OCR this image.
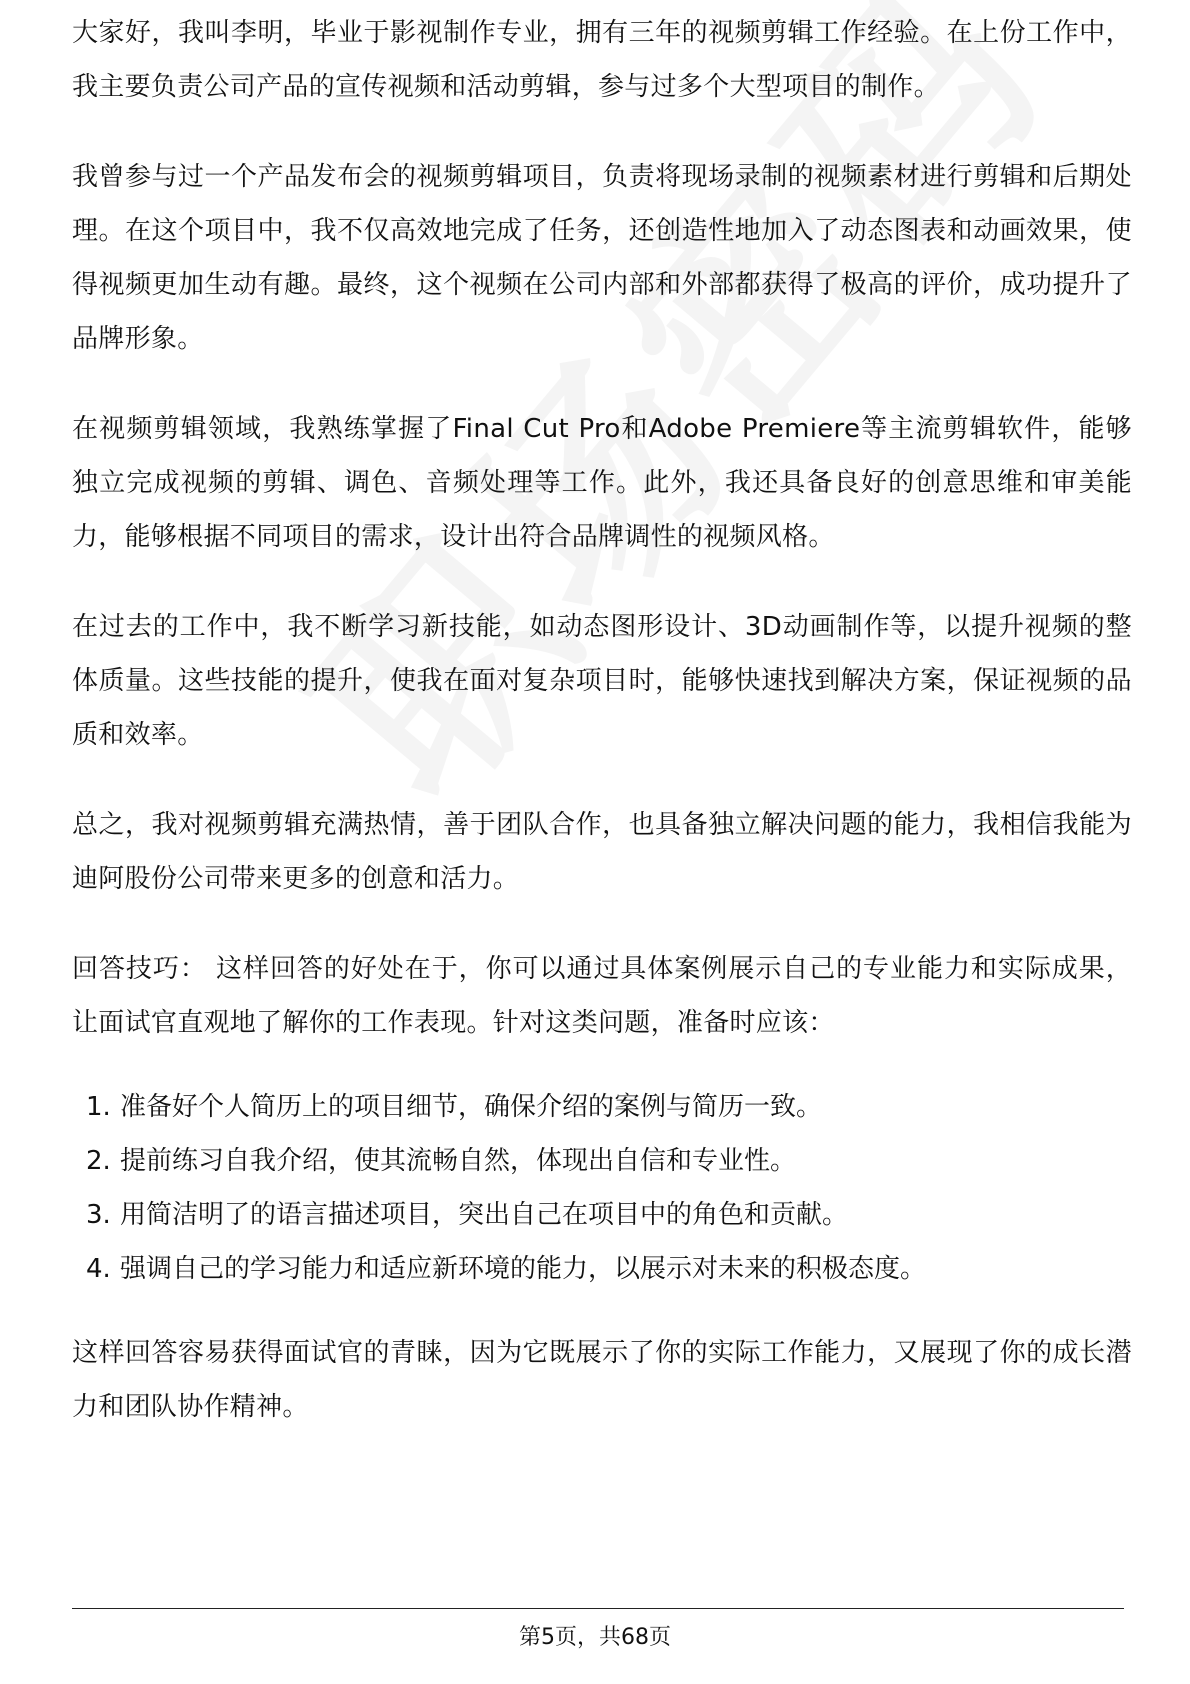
大家好，我叫李明，毕业于影视制作专业，拥有三年的视频剪辑工作经验。在上份工作中，我主要负责公司产品的宣传视频和活动剪辑，参与过多个大型项目的制作。

我曾参与过一个产品发布会的视频剪辑项目，负责将现场录制的视频素材进行剪辑和后期处理。在这个项目中，我不仅高效地完成了任务，还创造性地加入了动态图表和动画效果，使得视频更加生动有趣。最终，这个视频在公司内部和外部都获得了极高的评价，成功提升了品牌形象。

在视频剪辑领域，我熟练掌握了Final Cut Pro和Adobe Premiere等主流剪辑软件，能够独立完成视频的剪辑、调色、音频处理等工作。此外，我还具备良好的创意思维和审美能力，能够根据不同项目的需求，设计出符合品牌调性的视频风格。

在过去的工作中，我不断学习新技能，如动态图形设计、3D动画制作等，以提升视频的整体质量。这些技能的提升，使我在面对复杂项目时，能够快速找到解决方案，保证视频的品质和效率。

总之，我对视频剪辑充满热情，善于团队合作，也具备独立解决问题的能力，我相信我能为迪阿股份公司带来更多的创意和活力。

回答技巧： 这样回答的好处在于，你可以通过具体案例展示自己的专业能力和实际成果，让面试官直观地了解你的工作表现。针对这类问题，准备时应该：

1. 准备好个人简历上的项目细节，确保介绍的案例与简历一致。
2. 提前练习自我介绍，使其流畅自然，体现出自信和专业性。
3. 用简洁明了的语言描述项目，突出自己在项目中的角色和贡献。
4. 强调自己的学习能力和适应新环境的能力，以展示对未来的积极态度。

这样回答容易获得面试官的青睐，因为它既展示了你的实际工作能力，又展现了你的成长潜力和团队协作精神。

第5页，共68页
